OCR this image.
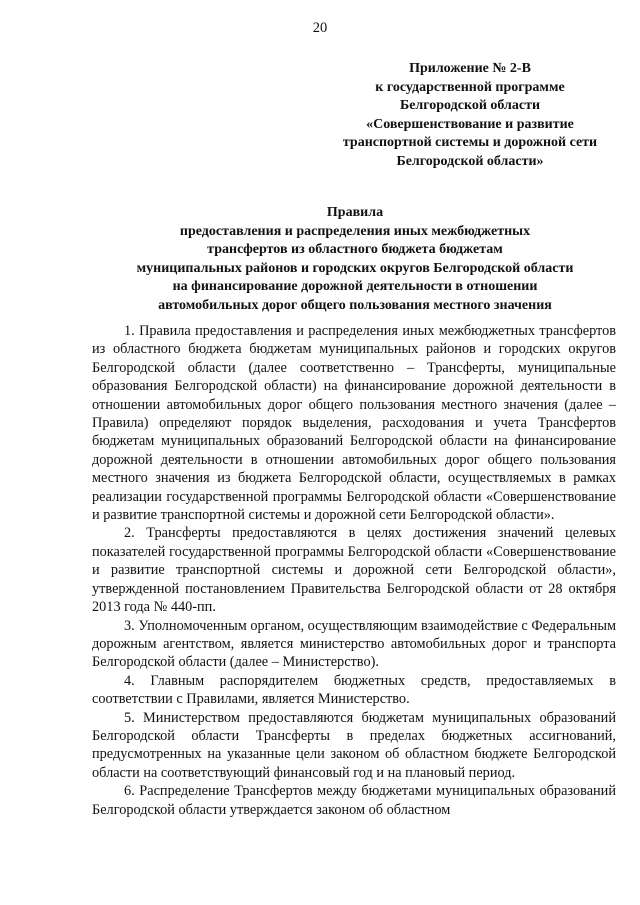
20
Приложение № 2-В
к государственной программе
Белгородской области
«Совершенствование и развитие
транспортной системы и дорожной сети
Белгородской области»
Правила
предоставления и распределения иных межбюджетных
трансфертов из областного бюджета бюджетам
муниципальных районов и городских округов Белгородской области
на финансирование дорожной деятельности в отношении
автомобильных дорог общего пользования местного значения

1. Правила предоставления и распределения иных межбюджетных трансфертов из областного бюджета бюджетам муниципальных районов и городских округов Белгородской области (далее соответственно – Трансферты, муниципальные образования Белгородской области) на финансирование дорожной деятельности в отношении автомобильных дорог общего пользования местного значения (далее – Правила) определяют порядок выделения, расходования и учета Трансфертов бюджетам муниципальных образований Белгородской области на финансирование дорожной деятельности в отношении автомобильных дорог общего пользования местного значения из бюджета Белгородской области, осуществляемых в рамках реализации государственной программы Белгородской области «Совершенствование и развитие транспортной системы и дорожной сети Белгородской области».

2. Трансферты предоставляются в целях достижения значений целевых показателей государственной программы Белгородской области «Совершенствование и развитие транспортной системы и дорожной сети Белгородской области», утвержденной постановлением Правительства Белгородской области от 28 октября 2013 года № 440-пп.

3. Уполномоченным органом, осуществляющим взаимодействие с Федеральным дорожным агентством, является министерство автомобильных дорог и транспорта Белгородской области (далее – Министерство).

4. Главным распорядителем бюджетных средств, предоставляемых в соответствии с Правилами, является Министерство.

5. Министерством предоставляются бюджетам муниципальных образований Белгородской области Трансферты в пределах бюджетных ассигнований, предусмотренных на указанные цели законом об областном бюджете Белгородской области на соответствующий финансовый год и на плановый период.

6. Распределение Трансфертов между бюджетами муниципальных образований Белгородской области утверждается законом об областном
